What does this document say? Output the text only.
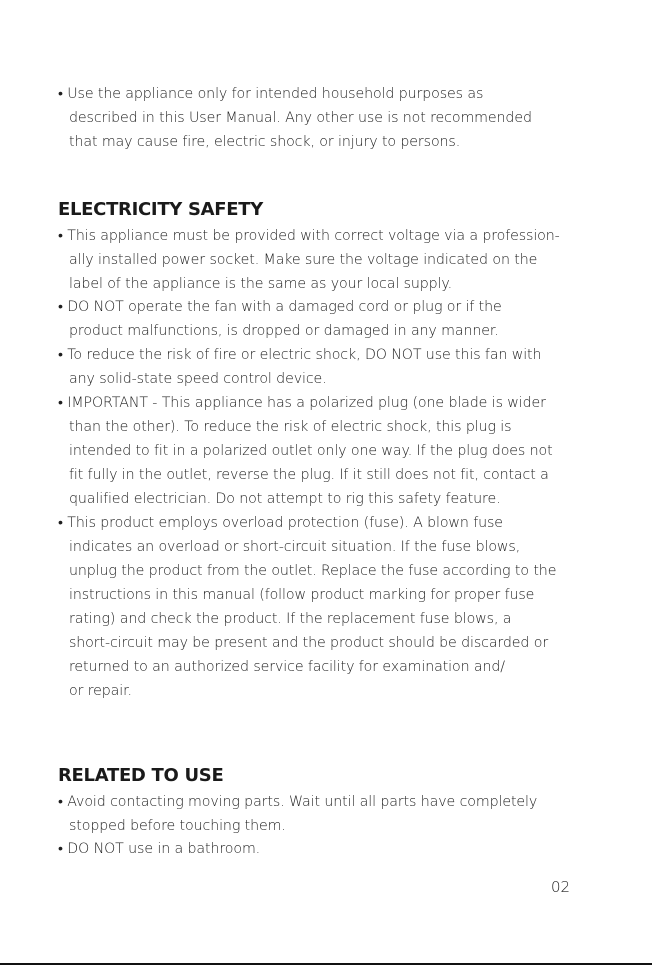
• Use the appliance only for intended household purposes as
described in this User Manual. Any other use is not recommended
that may cause fire, electric shock, or injury to persons.
ELECTRICITY SAFETY
• This appliance must be provided with correct voltage via a profession-
ally installed power socket. Make sure the voltage indicated on the
label of the appliance is the same as your local supply.
• DO NOT operate the fan with a damaged cord or plug or if the
product malfunctions, is dropped or damaged in any manner.
• To reduce the risk of fire or electric shock, DO NOT use this fan with
any solid-state speed control device.
• IMPORTANT - This appliance has a polarized plug (one blade is wider
than the other). To reduce the risk of electric shock, this plug is
intended to fit in a polarized outlet only one way. If the plug does not
fit fully in the outlet, reverse the plug. If it still does not fit, contact a
qualified electrician. Do not attempt to rig this safety feature.
• This product employs overload protection (fuse). A blown fuse
indicates an overload or short-circuit situation. If the fuse blows,
unplug the product from the outlet. Replace the fuse according to the
instructions in this manual (follow product marking for proper fuse
rating) and check the product. If the replacement fuse blows, a
short-circuit may be present and the product should be discarded or
returned to an authorized service facility for examination and/
or repair.
RELATED TO USE
• Avoid contacting moving parts. Wait until all parts have completely
stopped before touching them.
• DO NOT use in a bathroom.
02
